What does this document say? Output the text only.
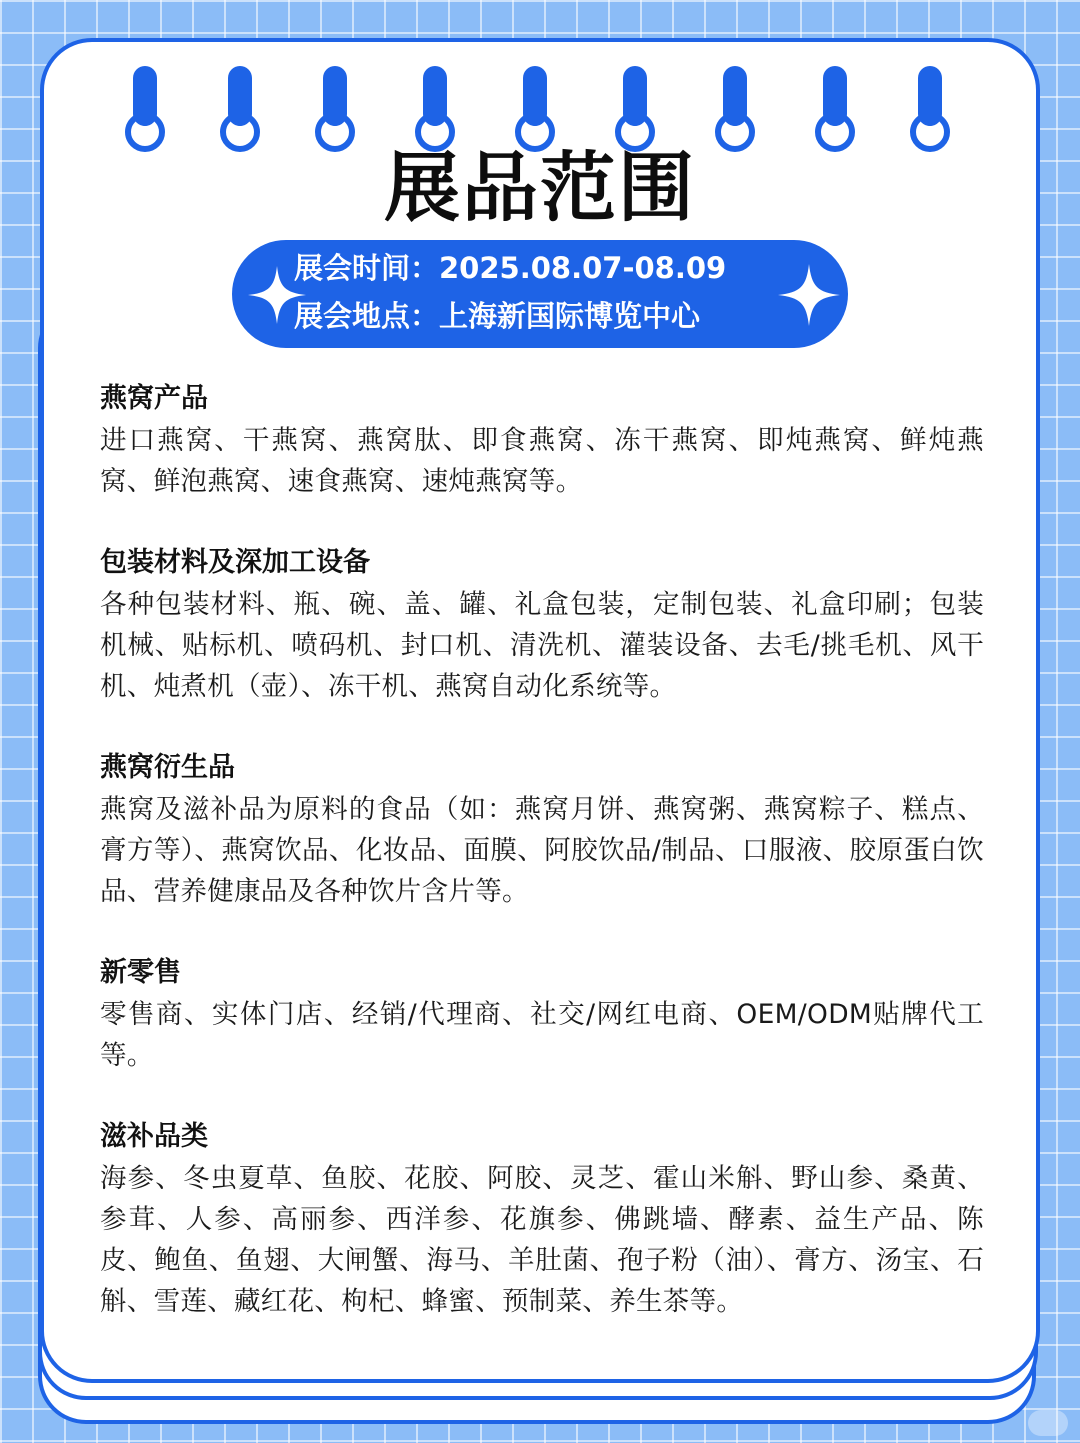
展品范围
展会时间：2025.08.07-08.09
展会地点：上海新国际博览中心
燕窝产品
进口燕窝、干燕窝、燕窝肽、即食燕窝、冻干燕窝、即炖燕窝、鲜炖燕窝、鲜泡燕窝、速食燕窝、速炖燕窝等。
包装材料及深加工设备
各种包装材料、瓶、碗、盖、罐、礼盒包装，定制包装、礼盒印刷；包装机械、贴标机、喷码机、封口机、清洗机、灌装设备、去毛/挑毛机、风干机、炖煮机（壶）、冻干机、燕窝自动化系统等。
燕窝衍生品
燕窝及滋补品为原料的食品（如：燕窝月饼、燕窝粥、燕窝粽子、糕点、膏方等）、燕窝饮品、化妆品、面膜、阿胶饮品/制品、口服液、胶原蛋白饮品、营养健康品及各种饮片含片等。
新零售
零售商、实体门店、经销/代理商、社交/网红电商、OEM/ODM贴牌代工等。
滋补品类
海参、冬虫夏草、鱼胶、花胶、阿胶、灵芝、霍山米斛、野山参、桑黄、参茸、人参、高丽参、西洋参、花旗参、佛跳墙、酵素、益生产品、陈皮、鲍鱼、鱼翅、大闸蟹、海马、羊肚菌、孢子粉（油）、膏方、汤宝、石斛、雪莲、藏红花、枸杞、蜂蜜、预制菜、养生茶等。
